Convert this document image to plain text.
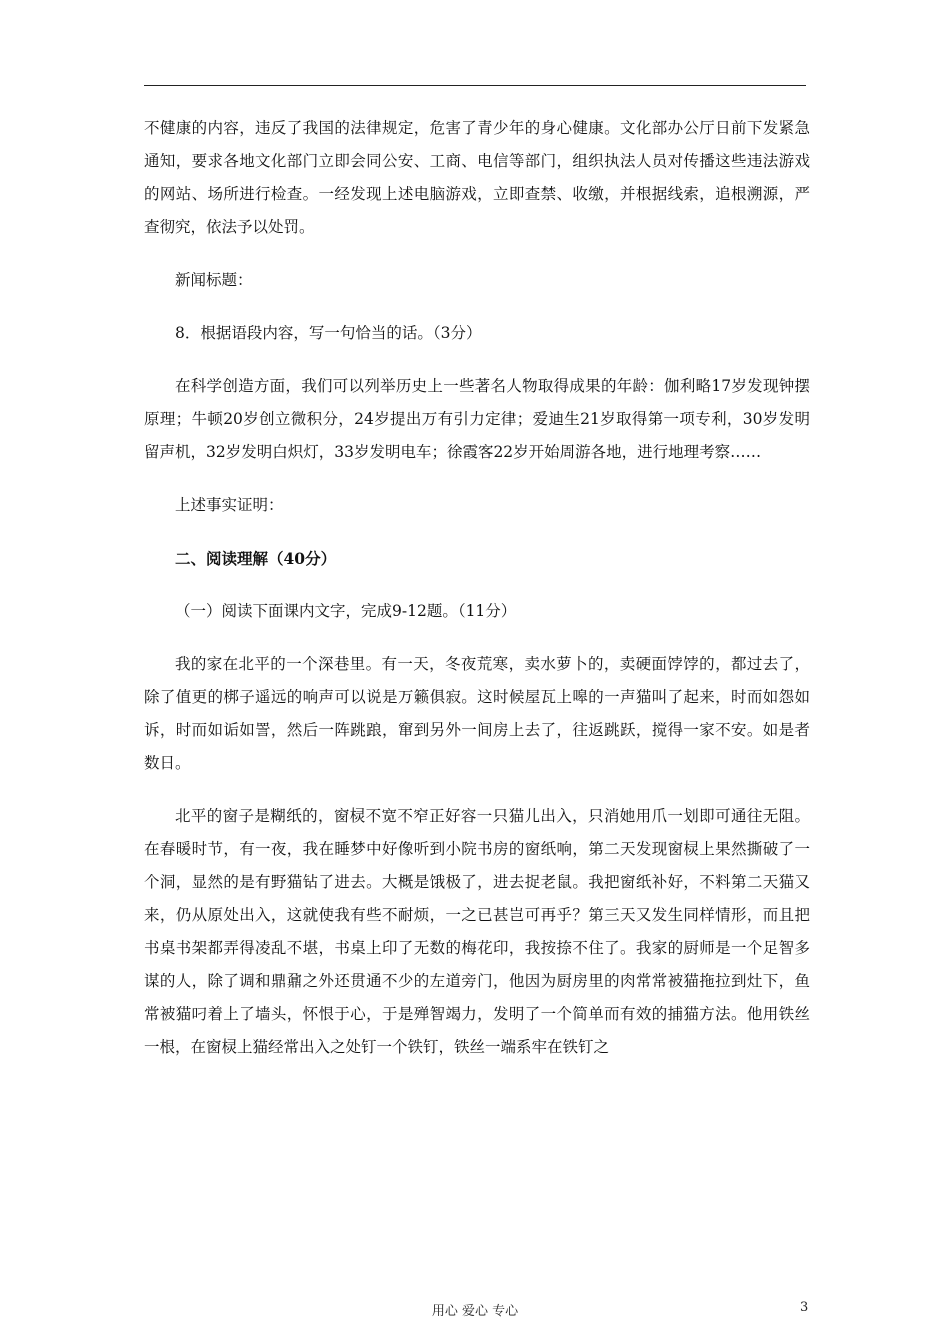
不健康的内容，违反了我国的法律规定，危害了青少年的身心健康。文化部办公厅日前下发紧急通知，要求各地文化部门立即会同公安、工商、电信等部门，组织执法人员对传播这些违法游戏的网站、场所进行检查。一经发现上述电脑游戏，立即查禁、收缴，并根据线索，追根溯源，严查彻究，依法予以处罚。

新闻标题：

8．根据语段内容，写一句恰当的话。（3分）

在科学创造方面，我们可以列举历史上一些著名人物取得成果的年龄：伽利略17岁发现钟摆原理；牛顿20岁创立微积分，24岁提出万有引力定律；爱迪生21岁取得第一项专利，30岁发明留声机，32岁发明白炽灯，33岁发明电车；徐霞客22岁开始周游各地，进行地理考察……

上述事实证明：

二、阅读理解（40分）

（一）阅读下面课内文字，完成9-12题。（11分）

我的家在北平的一个深巷里。有一天，冬夜荒寒，卖水萝卜的，卖硬面饽饽的，都过去了，除了值更的梆子遥远的响声可以说是万籁俱寂。这时候屋瓦上嗥的一声猫叫了起来，时而如怨如诉，时而如诟如詈，然后一阵跳踉，窜到另外一间房上去了，往返跳跃，搅得一家不安。如是者数日。

北平的窗子是糊纸的，窗棂不宽不窄正好容一只猫儿出入，只消她用爪一划即可通往无阻。在春暖时节，有一夜，我在睡梦中好像听到小院书房的窗纸响，第二天发现窗棂上果然撕破了一个洞，显然的是有野猫钻了进去。大概是饿极了，进去捉老鼠。我把窗纸补好，不料第二天猫又来，仍从原处出入，这就使我有些不耐烦，一之已甚岂可再乎？第三天又发生同样情形，而且把书桌书架都弄得凌乱不堪，书桌上印了无数的梅花印，我按捺不住了。我家的厨师是一个足智多谋的人，除了调和鼎鼐之外还贯通不少的左道旁门，他因为厨房里的肉常常被猫拖拉到灶下，鱼常被猫叼着上了墙头，怀恨于心，于是殚智竭力，发明了一个简单而有效的捕猫方法。他用铁丝一根，在窗棂上猫经常出入之处钉一个铁钉，铁丝一端系牢在铁钉之

用心 爱心 专心	3
